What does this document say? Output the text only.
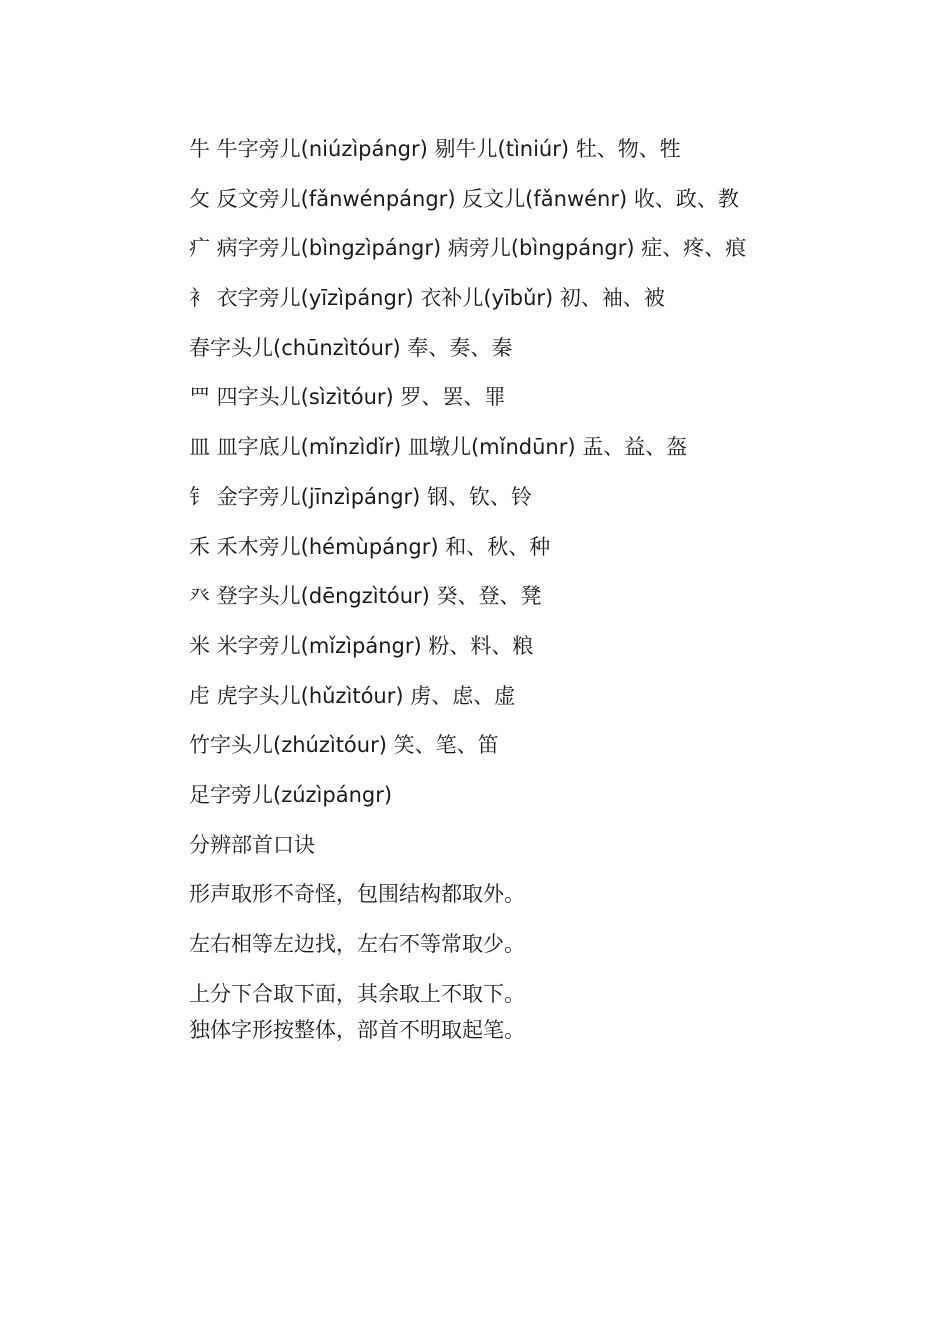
牛 牛字旁儿(niúzìpángr) 剔牛儿(tìniúr) 牡、物、牲
攵 反文旁儿(fǎnwénpángr) 反文儿(fǎnwénr) 收、政、教
疒 病字旁儿(bìngzìpángr) 病旁儿(bìngpángr) 症、疼、痕
衤 衣字旁儿(yīzìpángr) 衣补儿(yībǔr) 初、袖、被
春字头儿(chūnzìtóur) 奉、奏、秦
罒 四字头儿(sìzìtóur) 罗、罢、罪
皿 皿字底儿(mǐnzìdǐr) 皿墩儿(mǐndūnr) 盂、益、盔
钅 金字旁儿(jīnzìpángr) 钢、钦、铃
禾 禾木旁儿(hémùpángr) 和、秋、种
癶 登字头儿(dēngzìtóur) 癸、登、凳
米 米字旁儿(mǐzìpángr) 粉、料、粮
虍 虎字头儿(hǔzìtóur) 虏、虑、虚
竹字头儿(zhúzìtóur) 笑、笔、笛
足字旁儿(zúzìpángr)
分辨部首口诀
形声取形不奇怪，包围结构都取外。
左右相等左边找，左右不等常取少。
上分下合取下面，其余取上不取下。
独体字形按整体，部首不明取起笔。
